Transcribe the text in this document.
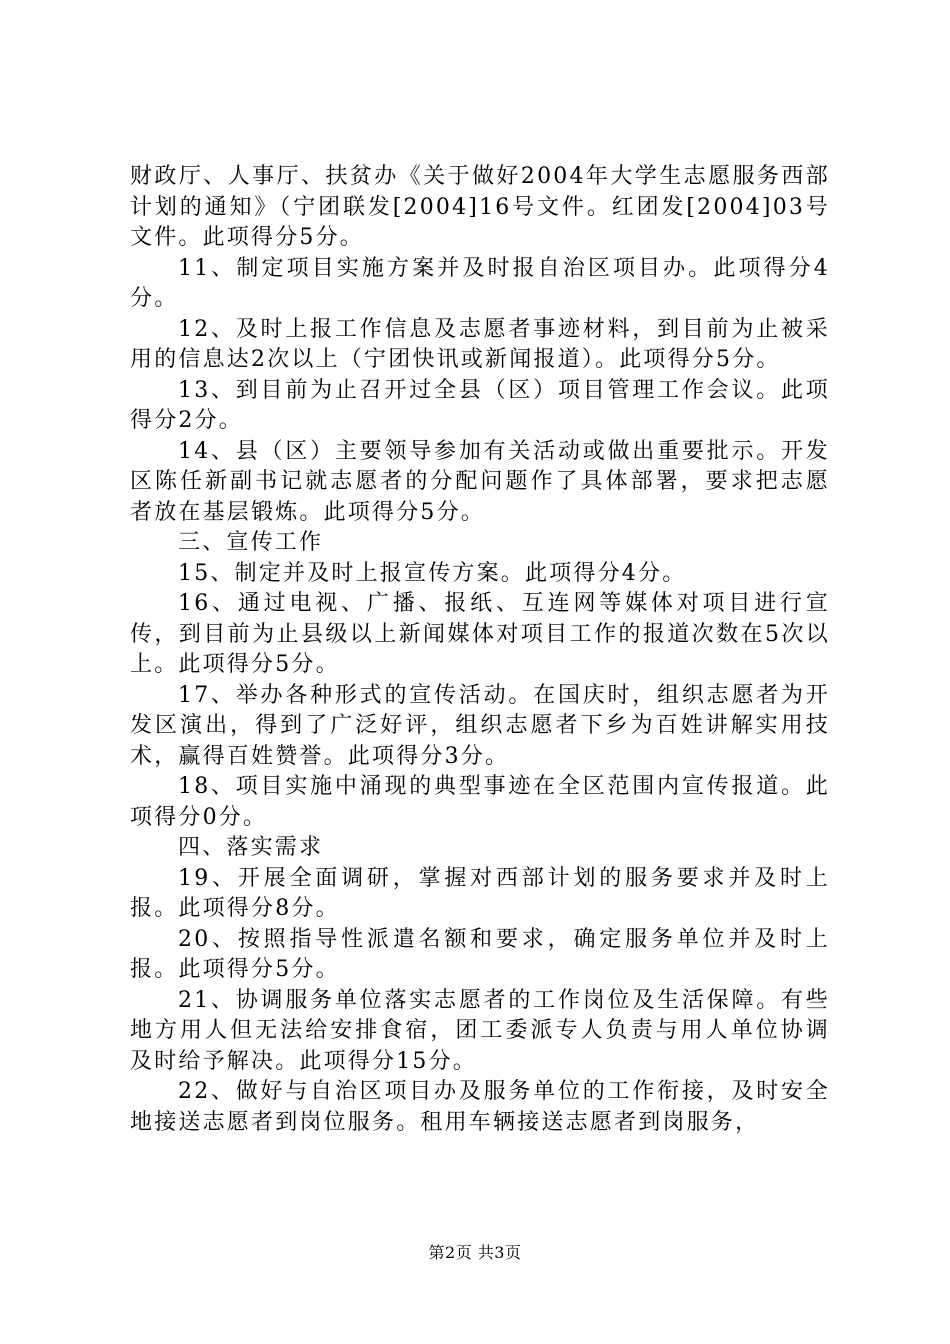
财政厅、人事厅、扶贫办《关于做好2004年大学生志愿服务西部计划的通知》（宁团联发[2004]16号文件。红团发[2004]03号文件。此项得分5分。

11、制定项目实施方案并及时报自治区项目办。此项得分4分。

12、及时上报工作信息及志愿者事迹材料，到目前为止被采用的信息达2次以上（宁团快讯或新闻报道）。此项得分5分。

13、到目前为止召开过全县（区）项目管理工作会议。此项得分2分。

14、县（区）主要领导参加有关活动或做出重要批示。开发区陈任新副书记就志愿者的分配问题作了具体部署，要求把志愿者放在基层锻炼。此项得分5分。

三、宣传工作

15、制定并及时上报宣传方案。此项得分4分。

16、通过电视、广播、报纸、互连网等媒体对项目进行宣传，到目前为止县级以上新闻媒体对项目工作的报道次数在5次以上。此项得分5分。

17、举办各种形式的宣传活动。在国庆时，组织志愿者为开发区演出，得到了广泛好评，组织志愿者下乡为百姓讲解实用技术，赢得百姓赞誉。此项得分3分。

18、项目实施中涌现的典型事迹在全区范围内宣传报道。此项得分0分。

四、落实需求

19、开展全面调研，掌握对西部计划的服务要求并及时上报。此项得分8分。

20、按照指导性派遣名额和要求，确定服务单位并及时上报。此项得分5分。

21、协调服务单位落实志愿者的工作岗位及生活保障。有些地方用人但无法给安排食宿，团工委派专人负责与用人单位协调及时给予解决。此项得分15分。

22、做好与自治区项目办及服务单位的工作衔接，及时安全地接送志愿者到岗位服务。租用车辆接送志愿者到岗服务，

第2页 共3页
